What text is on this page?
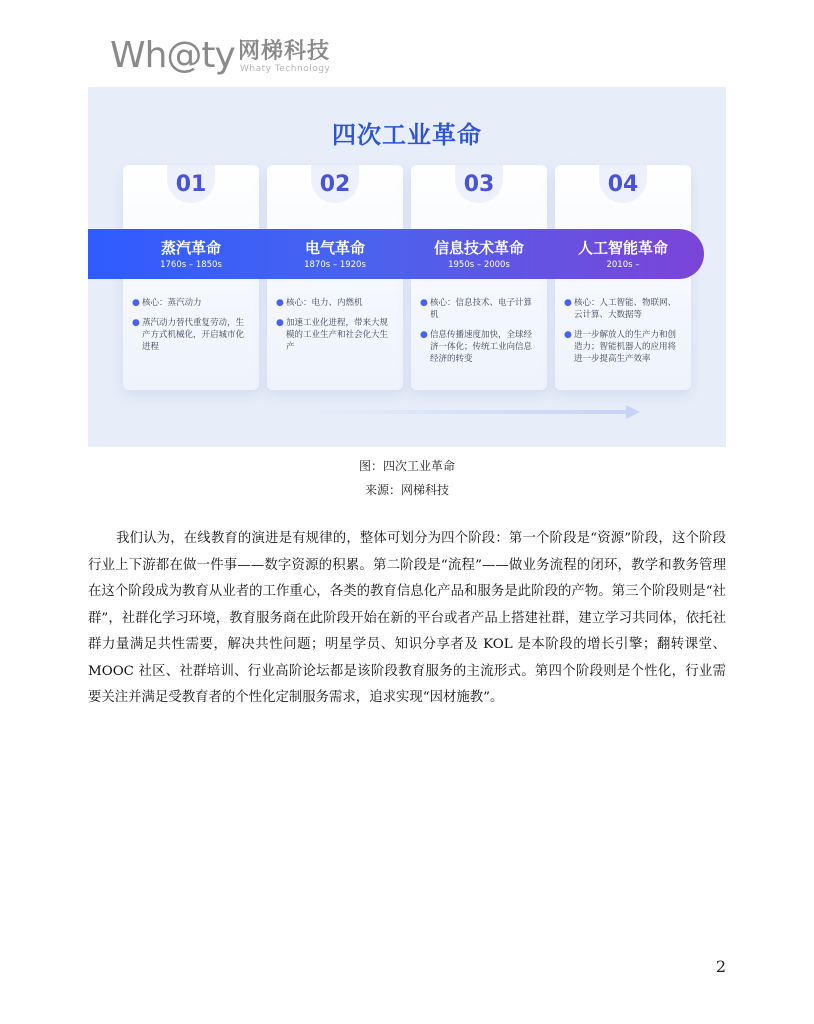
Wh@ty 网梯科技
Whaty Technology
四次工业革命
01	02	03	04
蒸汽革命
1760s – 1850s
电气革命
1870s – 1920s
信息技术革命
1950s – 2000s
人工智能革命
2010s –
● 核心：蒸汽动力
● 蒸汽动力替代重复劳动，生产方式机械化，开启城市化进程
● 核心：电力、内燃机
● 加速工业化进程，带来大规模的工业生产和社会化大生产
● 核心：信息技术、电子计算机
● 信息传播速度加快，全球经济一体化；传统工业向信息经济的转变
● 核心：人工智能、物联网、云计算、大数据等
● 进一步解放人的生产力和创造力；智能机器人的应用将进一步提高生产效率
图：四次工业革命
来源：网梯科技

我们认为，在线教育的演进是有规律的，整体可划分为四个阶段：第一个阶段是“资源”阶段，这个阶段行业上下游都在做一件事——数字资源的积累。第二阶段是“流程”——做业务流程的闭环，教学和教务管理在这个阶段成为教育从业者的工作重心，各类的教育信息化产品和服务是此阶段的产物。第三个阶段则是“社群”，社群化学习环境，教育服务商在此阶段开始在新的平台或者产品上搭建社群，建立学习共同体，依托社群力量满足共性需要，解决共性问题；明星学员、知识分享者及 KOL 是本阶段的增长引擎；翻转课堂、MOOC 社区、社群培训、行业高阶论坛都是该阶段教育服务的主流形式。第四个阶段则是个性化，行业需要关注并满足受教育者的个性化定制服务需求，追求实现“因材施教”。

2
